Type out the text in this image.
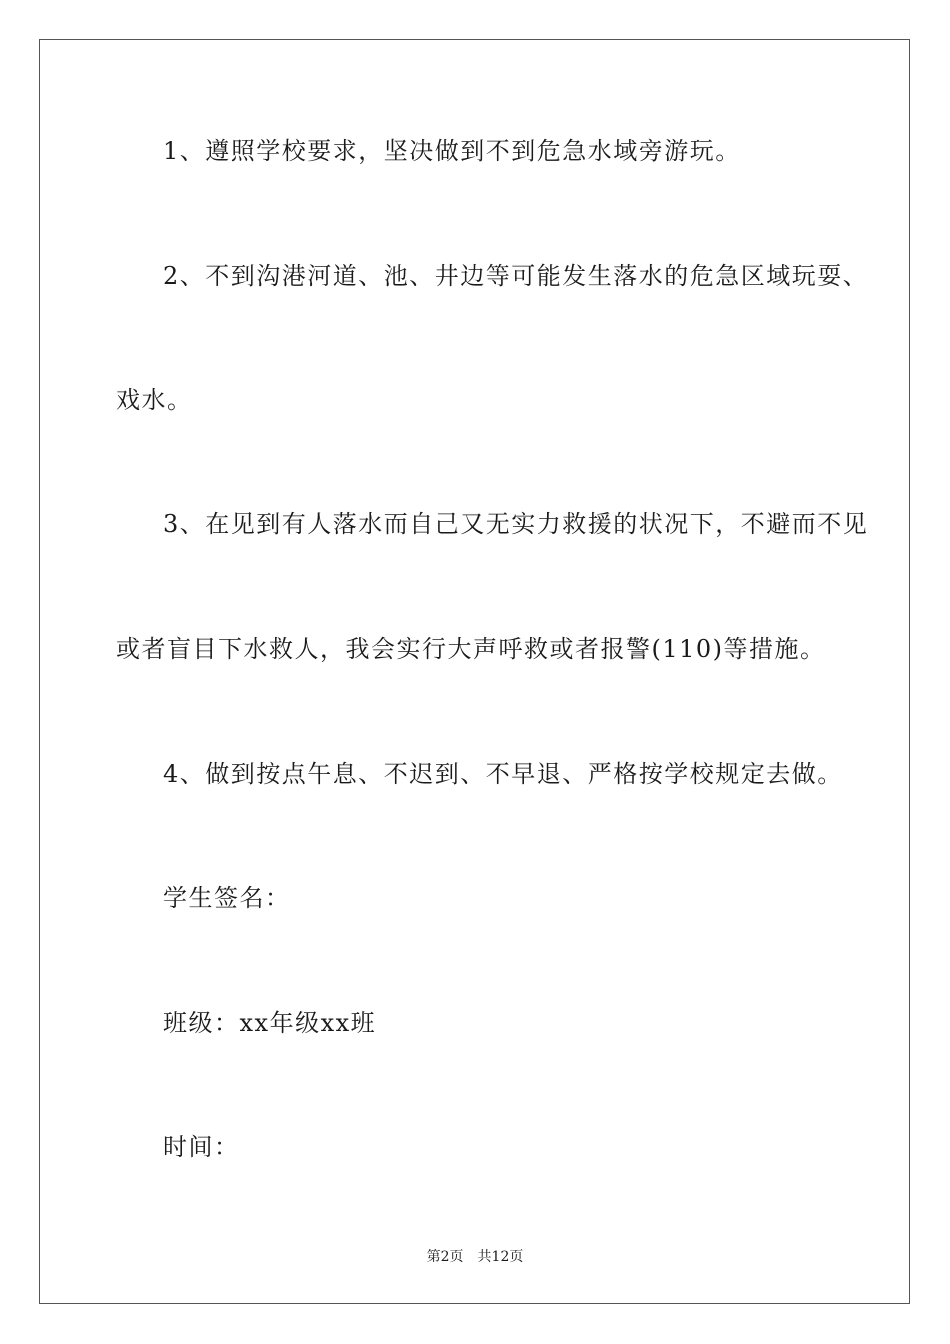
1、遵照学校要求，坚决做到不到危急水域旁游玩。
2、不到沟港河道、池、井边等可能发生落水的危急区域玩耍、
戏水。
3、在见到有人落水而自己又无实力救援的状况下，不避而不见
或者盲目下水救人，我会实行大声呼救或者报警(110)等措施。
4、做到按点午息、不迟到、不早退、严格按学校规定去做。
学生签名：
班级：xx年级xx班
时间：
第2页 共12页
